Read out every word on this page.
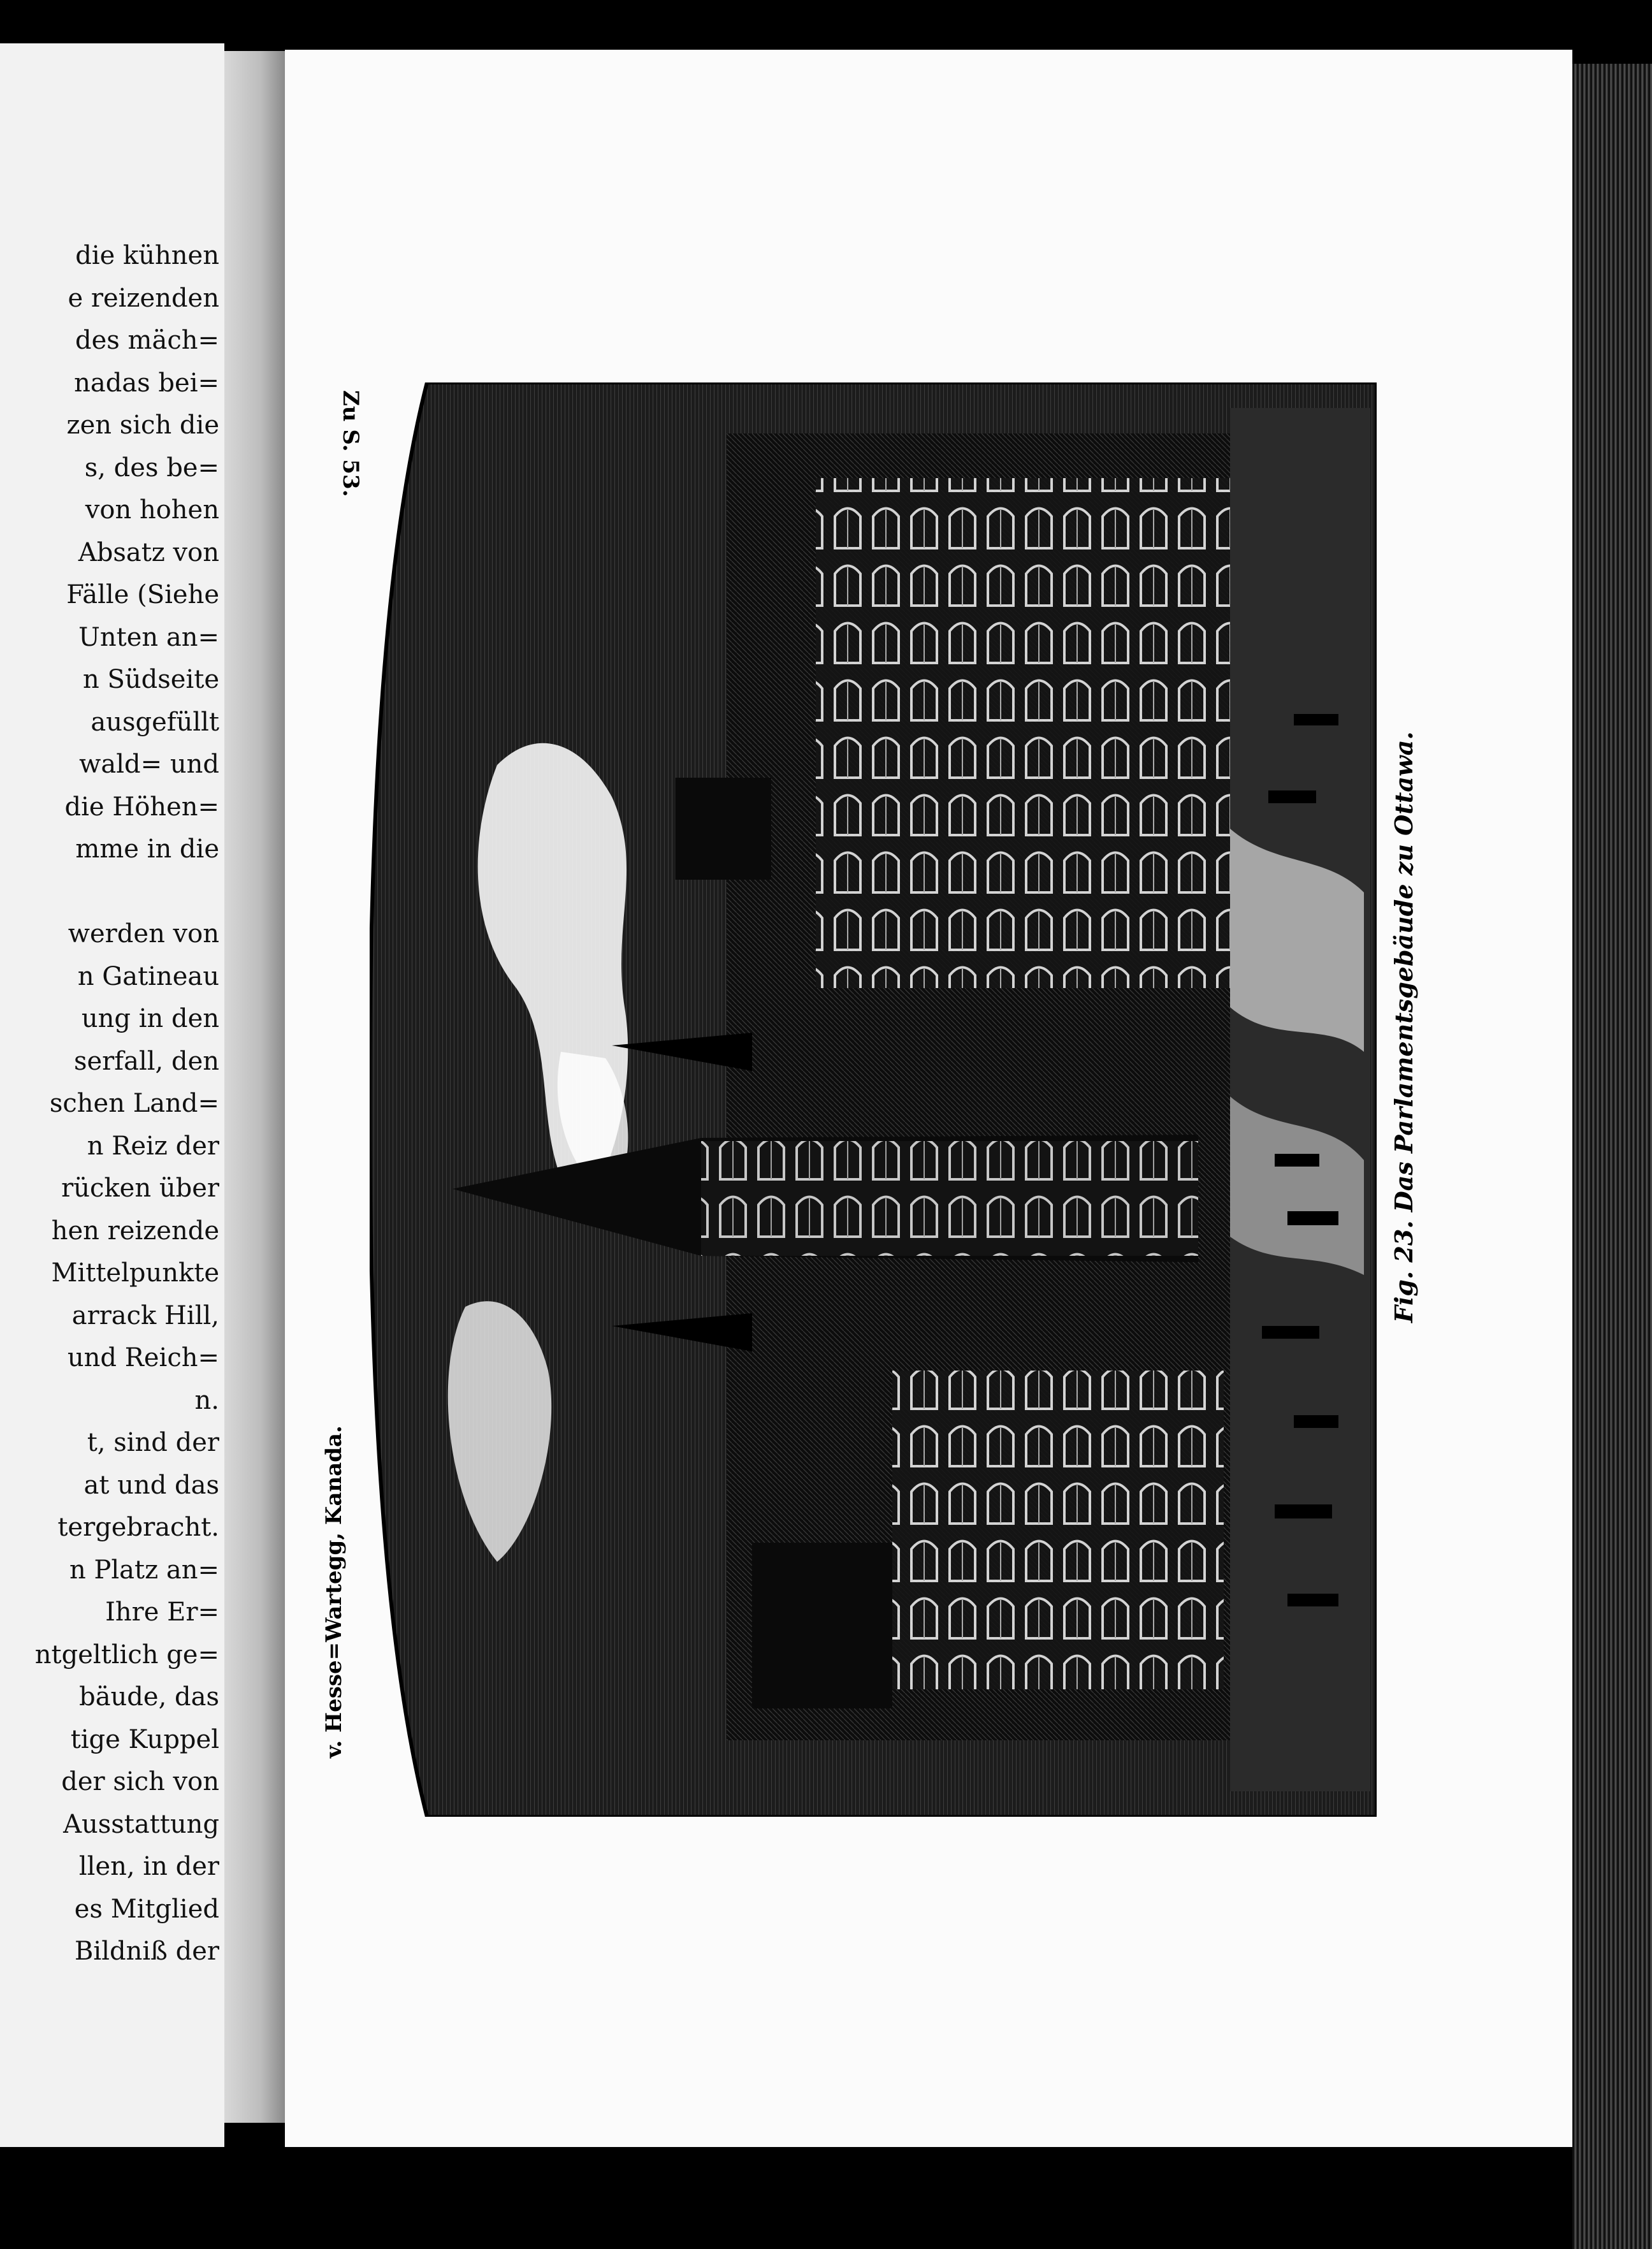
die kühnen
e reizenden
des mäch=
nadas bei=
zen sich die
s, des be=
von hohen
Absatz von
Fälle (Siehe
Unten an=
n Südseite
ausgefüllt
wald= und
die Höhen=
mme in die
werden von
n Gatineau
ung in den
serfall, den
schen Land=
n Reiz der
rücken über
hen reizende
Mittelpunkte
arrack Hill,
und Reich=
n.
t, sind der
at und das
tergebracht.
n Platz an=
Ihre Er=
ntgeltlich ge=
bäude, das
tige Kuppel
der sich von
Ausstattung
llen, in der
es Mitglied
Bildniß der
Zu S. 53.
v. Hesse=Wartegg, Kanada.
Fig. 23. Das Parlamentsgebäude zu Ottawa.
